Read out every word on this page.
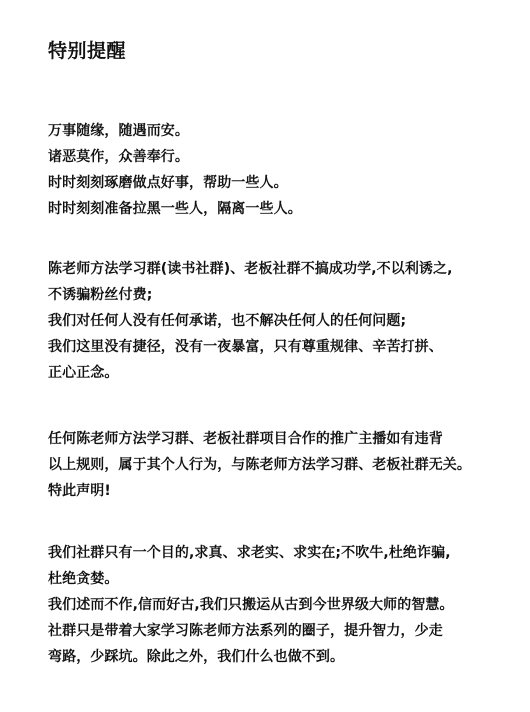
特别提醒
万事随缘，随遇而安。
诸恶莫作，众善奉行。
时时刻刻琢磨做点好事，帮助一些人。
时时刻刻准备拉黑一些人，隔离一些人。
陈老师方法学习群(读书社群)、老板社群不搞成功学,不以利诱之,
不诱骗粉丝付费;
我们对任何人没有任何承诺，也不解决任何人的任何问题;
我们这里没有捷径，没有一夜暴富，只有尊重规律、辛苦打拼、
正心正念。
任何陈老师方法学习群、老板社群项目合作的推广主播如有违背
以上规则，属于其个人行为，与陈老师方法学习群、老板社群无关。
特此声明!
我们社群只有一个目的,求真、求老实、求实在;不吹牛,杜绝诈骗,
杜绝贪婪。
我们述而不作,信而好古,我们只搬运从古到今世界级大师的智慧。
社群只是带着大家学习陈老师方法系列的圈子，提升智力，少走
弯路，少踩坑。除此之外，我们什么也做不到。
